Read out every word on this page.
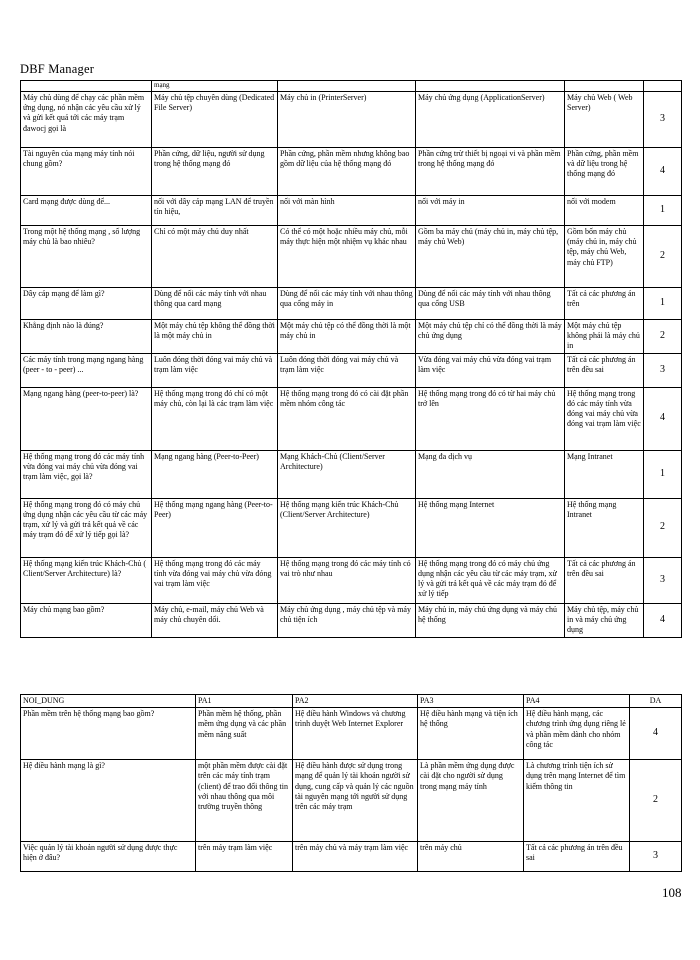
DBF Manager
	mạng				
Máy chủ dùng để chạy các phần mềm ứng dụng, nó nhận các yêu cầu xử lý và gửi kết quả tới các máy trạm đawocj gọi là	Máy chủ tệp chuyên dùng (Dedicated File Server)	Máy chủ in (PrinterServer)	Máy chủ ứng dụng (ApplicationServer)	Máy chủ Web ( Web Server)	3
Tài nguyên của mạng máy tính nói chung gồm?	Phần cứng, dữ liệu, người sử dụng trong hệ thống mạng đó	Phần cứng, phần mềm nhưng không bao gồm dữ liệu của hệ thống mạng đó	Phần cứng trừ thiết bị ngoại vi và phần mềm trong hệ thống mạng đó	Phần cứng, phần mềm và dữ liệu trong hệ thống mạng đó	4
Card mạng được dùng để...	nối với dây cáp mạng LAN để truyền tín hiệu,	nối với màn hình	nối với máy in	nối với modem	1
Trong một hệ thống mạng , số lượng máy chủ là bao nhiêu?	Chỉ có một máy chủ duy nhất	Có thể có một hoặc nhiều máy chủ, mỗi máy thực hiện một nhiệm vụ khác nhau	Gồm ba máy chủ (máy chủ in, máy chủ tệp, máy chủ Web)	Gồm bốn máy chủ (máy chủ in, máy chủ tệp, máy chủ Web, máy chủ FTP)	2
Dây cáp mạng để làm gì?	Dùng để nối các máy tính với nhau thông qua card mạng	Dùng để nối các máy tính với nhau thông qua cổng máy in	Dùng để nối các máy tính với nhau thông qua cổng USB	Tất cả các phương án trên	1
Khẳng định nào là đúng?	Một máy chủ tệp không thể đồng thời là một máy chủ in	Một máy chủ tệp có thể đồng thời là một máy chủ in	Một máy chủ tệp chỉ có thể đồng thời là máy chủ ứng dụng	Một máy chủ tệp không phải là máy chủ in	2
Các máy tính trong mạng ngang hàng (peer - to - peer) ...	Luôn đóng thời đóng vai máy chủ và trạm làm việc	Luôn đóng thời đóng vai máy chủ và trạm làm việc	Vừa đóng vai máy chủ vừa đóng vai trạm làm việc	Tất cả các phương án trên đều sai	3
Mạng ngang hàng (peer-to-peer) là?	Hệ thống mạng trong đó chỉ có một máy chủ, còn lại là các trạm làm việc	Hệ thống mạng trong đó có cài đặt phần mềm nhóm công tác	Hệ thống mạng trong đó có từ hai máy chủ trở lên	Hệ thống mạng trong đó các máy tính vừa đóng vai máy chủ vừa đóng vai trạm làm việc	4
Hệ thống mạng trong đó các máy tính vừa đóng vai máy chủ vừa đóng vai trạm làm việc, gọi là?	Mạng ngang hàng (Peer-to-Peer)	Mạng Khách-Chủ (Client/Server Architecture)	Mạng đa dịch vụ	Mạng Intranet	1
Hệ thống mạng trong đó có máy chủ ứng dụng nhận các yêu cầu từ các máy trạm, xử lý và gửi trả kết quả về các máy trạm đó để xử lý tiếp gọi là?	Hệ thống mạng ngang hàng (Peer-to-Peer)	Hệ thống mạng kiến trúc Khách-Chủ (Client/Server Architecture)	Hệ thống mạng Internet	Hệ thống mạng Intranet	2
Hệ thống mạng kiến trúc Khách-Chủ ( Client/Server Architecture) là?	Hệ thống mạng trong đó các máy tính vừa đóng vai máy chủ vừa đóng vai trạm làm việc	Hệ thống mạng trong đó các máy tính có vai trò như nhau	Hệ thống mạng trong đó có máy chủ ứng dụng nhận các yêu cầu từ các máy trạm, xử lý và gửi trả kết quả về các máy trạm đó để xử lý tiếp	Tất cả các phương án trên đều sai	3
Máy chủ mạng bao gồm?	Máy chủ, e-mail, máy chủ Web và máy chủ chuyên dổi.	Máy chủ ứng dụng , máy chủ tệp và máy chủ tiện ích	Máy chủ in, máy chủ ứng dụng và máy chủ hệ thống	Máy chủ tệp, máy chủ in và máy chủ ứng dụng	4
NOI_DUNG	PA1	PA2	PA3	PA4	DA
Phần mềm trên hệ thống mạng bao gồm?	Phần mềm hệ thống, phần mềm ứng dụng và các phần mềm năng suất	Hệ điều hành Windows và chương trình duyệt Web Internet Explorer	Hệ điều hành mạng và tiện ích hệ thống	Hệ điều hành mạng, các chương trình ứng dụng riêng lẻ và phần mềm dành cho nhóm công tác	4
Hệ điều hành mạng là gì?	một phần mềm được cài đặt trên các máy tính trạm (client) để trao đổi thông tin với nhau thông qua môi trường truyền thông	Hệ điều hành được sử dụng trong mạng để quản lý tài khoản người sử dụng, cung cấp và quản lý các nguồn tài nguyên mạng tới người sử dụng trên các máy trạm	Là phần mềm ứng dụng được cài đặt cho người sử dụng trong mạng máy tính	Là chương trình tiện ích sử dụng trên mạng Internet để tìm kiếm thông tin	2
Việc quản lý tài khoản người sử dụng được thực hiện ở đâu?	trên máy trạm làm việc	trên máy chủ và máy trạm làm việc	trên máy chủ	Tất cả các phương án trên đều sai	3
108
